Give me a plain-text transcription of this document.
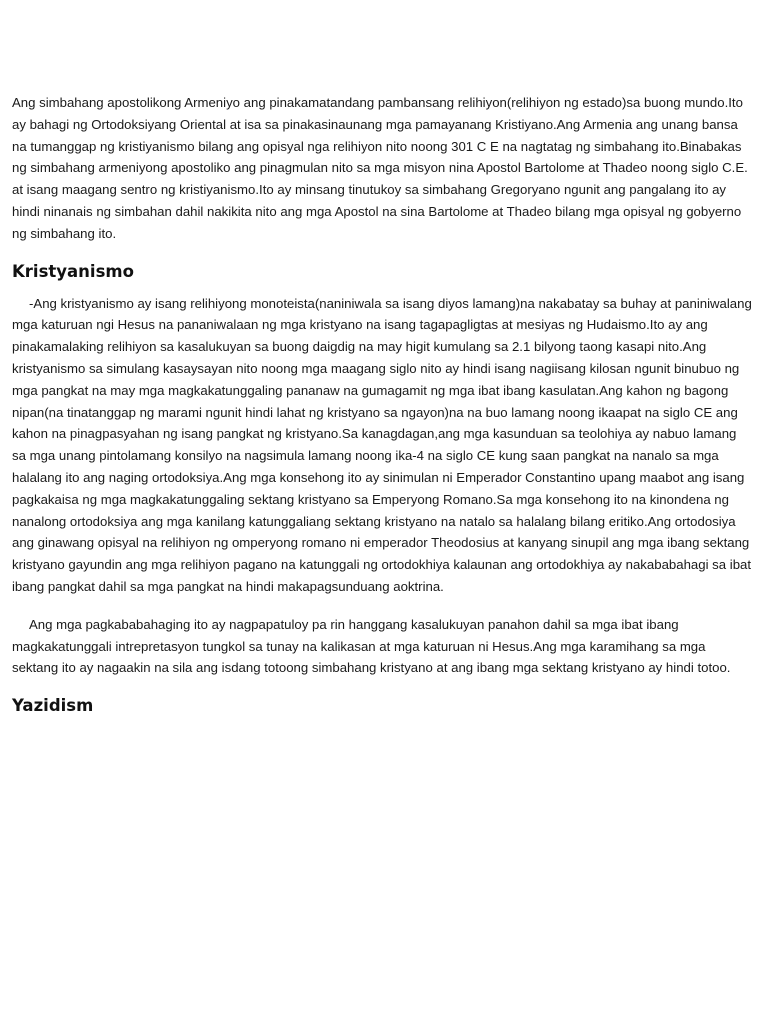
Ang simbahang apostolikong Armeniyo ang pinakamatandang pambansang relihiyon(relihiyon ng estado)sa buong mundo.Ito ay bahagi ng Ortodoksiyang Oriental at isa sa pinakasinaunang mga pamayanang Kristiyano.Ang Armenia ang unang bansa na tumanggap ng kristiyanismo bilang ang opisyal nga relihiyon nito noong 301 C E na nagtatag ng simbahang ito.Binabakas ng simbahang armeniyong apostoliko ang pinagmulan nito sa mga misyon nina Apostol Bartolome at Thadeo noong siglo C.E. at isang maagang sentro ng kristiyanismo.Ito ay minsang tinutukoy sa simbahang Gregoryano ngunit ang pangalang ito ay hindi ninanais ng simbahan dahil nakikita nito ang mga Apostol na sina Bartolome at Thadeo bilang mga opisyal ng gobyerno ng simbahang ito.

Kristyanismo

-Ang kristyanismo ay isang relihiyong monoteista(naniniwala sa isang diyos lamang)na nakabatay sa buhay at paniniwalang mga katuruan ngi Hesus na pananiwalaan ng mga kristyano na isang tagapagligtas at mesiyas ng Hudaismo.Ito ay ang pinakamalaking relihiyon sa kasalukuyan sa buong daigdig na may higit kumulang sa 2.1 bilyong taong kasapi nito.Ang kristyanismo sa simulang kasaysayan nito noong mga maagang siglo nito ay hindi isang nagiisang kilosan ngunit binubuo ng mga pangkat na may mga magkakatunggaling pananaw na gumagamit ng mga ibat ibang kasulatan.Ang kahon ng bagong nipan(na tinatanggap ng marami ngunit hindi lahat ng kristyano sa ngayon)na na buo lamang noong ikaapat na siglo CE ang kahon na pinagpasyahan ng isang pangkat ng kristyano.Sa kanagdagan,ang mga kasunduan sa teolohiya ay nabuo lamang sa mga unang pintolamang konsilyo na nagsimula lamang noong ika-4 na siglo CE kung saan pangkat na nanalo sa mga halalang ito ang naging ortodoksiya.Ang mga konsehong ito ay sinimulan ni Emperador Constantino upang maabot ang isang pagkakaisa ng mga magkakatunggaling sektang kristyano sa Emperyong Romano.Sa mga konsehong ito na kinondena ng nanalong ortodoksiya ang mga kanilang katunggaliang sektang kristyano na natalo sa halalang bilang eritiko.Ang ortodosiya ang ginawang opisyal na relihiyon ng omperyong romano ni emperador Theodosius at kanyang sinupil ang mga ibang sektang kristyano gayundin ang mga relihiyon pagano na katunggali ng ortodokhiya kalaunan ang ortodokhiya ay nakababahagi sa ibat ibang pangkat dahil sa mga pangkat na hindi makapagsunduang aoktrina.

Ang mga pagkababahaging ito ay nagpapatuloy pa rin hanggang kasalukuyan panahon dahil sa mga ibat ibang magkakatunggali intrepretasyon tungkol sa tunay na kalikasan at mga katuruan ni Hesus.Ang mga karamihang sa mga sektang ito ay nagaakin na sila ang isdang totoong simbahang kristyano at ang ibang mga sektang kristyano ay hindi totoo.

Yazidism
